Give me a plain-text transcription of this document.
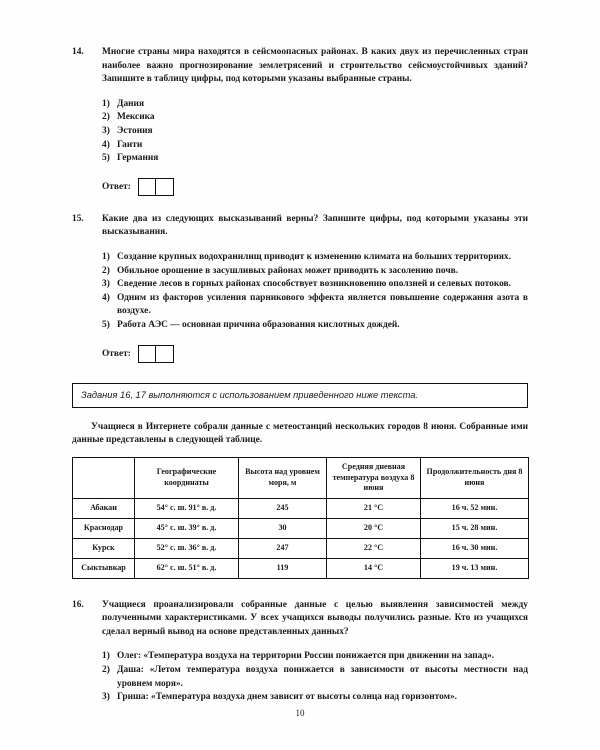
14.	Многие страны мира находятся в сейсмоопасных районах. В каких двух из перечисленных стран наиболее важно прогнозирование землетрясений и строительство сейсмоустойчивых зданий? Запишите в таблицу цифры, под которыми указаны выбранные страны.

1) Дания
2) Мексика
3) Эстония
4) Гаити
5) Германия
Ответ:
15.	Какие два из следующих высказываний верны? Запишите цифры, под которыми указаны эти высказывания.

1) Создание крупных водохранилищ приводит к изменению климата на больших территориях.
2) Обильное орошение в засушливых районах может приводить к засолению почв.
3) Сведение лесов в горных районах способствует возникновению оползней и селевых потоков.
4) Одним из факторов усиления парникового эффекта является повышение содержания азота в воздухе.
5) Работа АЭС — основная причина образования кислотных дождей.
Ответ:
Задания 16, 17 выполняются с использованием приведенного ниже текста.

Учащиеся в Интернете собрали данные с метеостанций нескольких городов 8 июня. Собранные ими данные представлены в следующей таблице.

	Географические координаты	Высота над уровнем моря, м	Средняя дневная температура воздуха 8 июня	Продолжительность дня 8 июня
Абакан	54° с. ш. 91° в. д.	245	21 °C	16 ч. 52 мин.
Краснодар	45° с. ш. 39° в. д.	30	20 °C	15 ч. 28 мин.
Курск	52° с. ш. 36° в. д.	247	22 °C	16 ч. 30 мин.
Сыктывкар	62° с. ш. 51° в. д.	119	14 °C	19 ч. 13 мин.
16.	Учащиеся проанализировали собранные данные с целью выявления зависимостей между полученными характеристиками. У всех учащихся выводы получились разные. Кто из учащихся сделал верный вывод на основе представленных данных?

1) Олег: «Температура воздуха на территории России понижается при движении на запад».
2) Даша: «Летом температура воздуха понижается в зависимости от высоты местности над уровнем моря».
3) Гриша: «Температура воздуха днем зависит от высоты солнца над горизонтом».
10
